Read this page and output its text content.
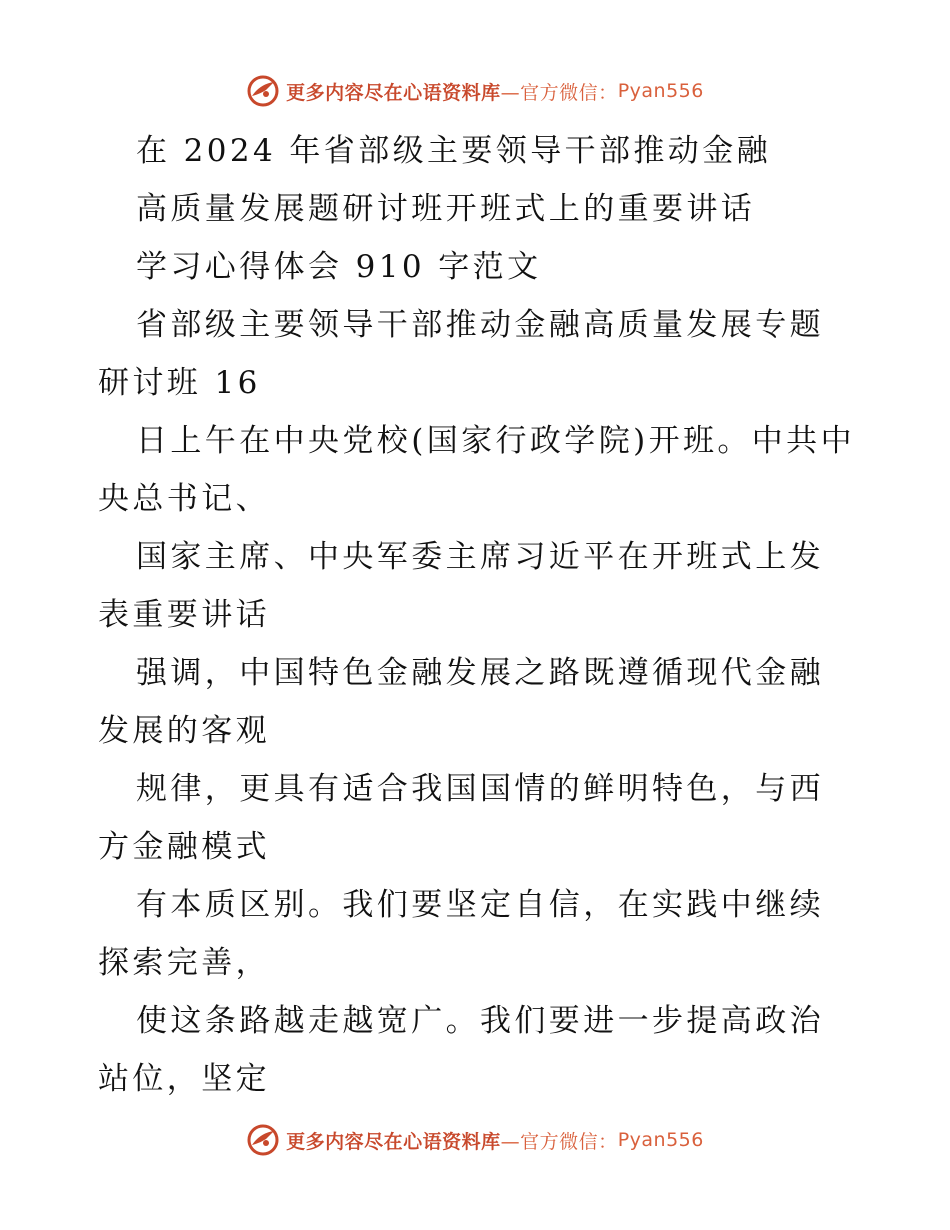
更多内容尽在心语资料库 —官方微信： Pyan556

在 2024 年省部级主要领导干部推动金融

高质量发展题研讨班开班式上的重要讲话

学习心得体会 910 字范文

省部级主要领导干部推动金融高质量发展专题研讨班 16

日上午在中央党校(国家行政学院)开班。中共中央总书记、

国家主席、中央军委主席习近平在开班式上发表重要讲话

强调，中国特色金融发展之路既遵循现代金融发展的客观

规律，更具有适合我国国情的鲜明特色，与西方金融模式

有本质区别。我们要坚定自信，在实践中继续探索完善，

使这条路越走越宽广。我们要进一步提高政治站位，坚定

更多内容尽在心语资料库 —官方微信： Pyan556
